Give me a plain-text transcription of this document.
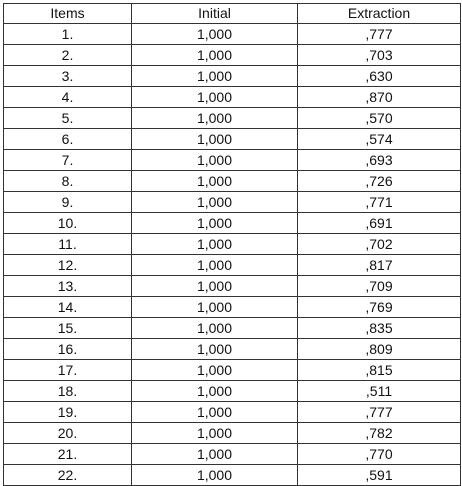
Items	Initial	Extraction
1.	1,000	,777
2.	1,000	,703
3.	1,000	,630
4.	1,000	,870
5.	1,000	,570
6.	1,000	,574
7.	1,000	,693
8.	1,000	,726
9.	1,000	,771
10.	1,000	,691
11.	1,000	,702
12.	1,000	,817
13.	1,000	,709
14.	1,000	,769
15.	1,000	,835
16.	1,000	,809
17.	1,000	,815
18.	1,000	,511
19.	1,000	,777
20.	1,000	,782
21.	1,000	,770
22.	1,000	,591
